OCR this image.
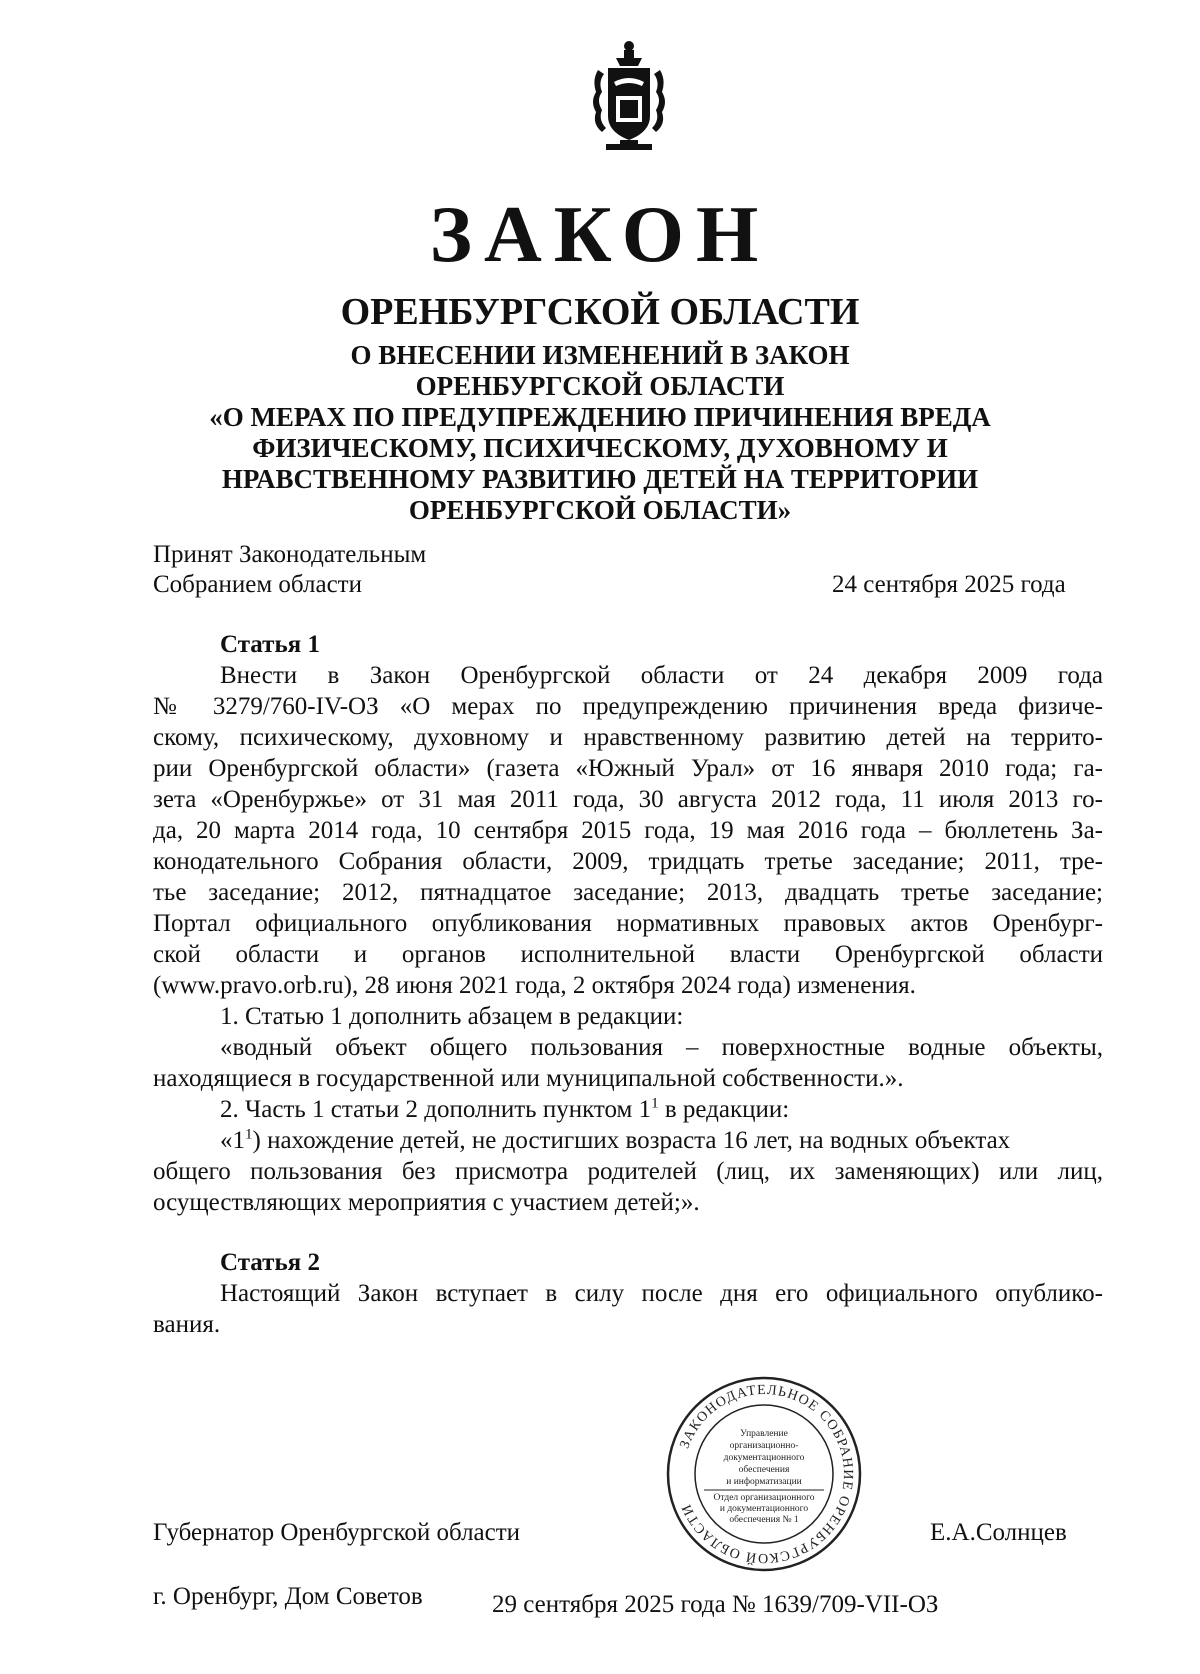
ЗАКОН
ОРЕНБУРГСКОЙ ОБЛАСТИ
О ВНЕСЕНИИ ИЗМЕНЕНИЙ В ЗАКОН
ОРЕНБУРГСКОЙ ОБЛАСТИ
«О МЕРАХ ПО ПРЕДУПРЕЖДЕНИЮ ПРИЧИНЕНИЯ ВРЕДА
ФИЗИЧЕСКОМУ, ПСИХИЧЕСКОМУ, ДУХОВНОМУ И
НРАВСТВЕННОМУ РАЗВИТИЮ ДЕТЕЙ НА ТЕРРИТОРИИ
ОРЕНБУРГСКОЙ ОБЛАСТИ»
Принят Законодательным
Собранием области	24 сентября 2025 года
Статья 1
Внести в Закон Оренбургской области от 24 декабря 2009 года
№ 3279/760-IV-ОЗ «О мерах по предупреждению причинения вреда физиче-
скому, психическому, духовному и нравственному развитию детей на террито-
рии Оренбургской области» (газета «Южный Урал» от 16 января 2010 года; га-
зета «Оренбуржье» от 31 мая 2011 года, 30 августа 2012 года, 11 июля 2013 го-
да, 20 марта 2014 года, 10 сентября 2015 года, 19 мая 2016 года – бюллетень За-
конодательного Собрания области, 2009, тридцать третье заседание; 2011, тре-
тье заседание; 2012, пятнадцатое заседание; 2013, двадцать третье заседание;
Портал официального опубликования нормативных правовых актов Оренбург-
ской области и органов исполнительной власти Оренбургской области
(www.pravo.orb.ru), 28 июня 2021 года, 2 октября 2024 года) изменения.
1. Статью 1 дополнить абзацем в редакции:
«водный объект общего пользования – поверхностные водные объекты,
находящиеся в государственной или муниципальной собственности.».
2. Часть 1 статьи 2 дополнить пунктом $1^1$ в редакции:
«$1^1$) нахождение детей, не достигших возраста 16 лет, на водных объектах
общего пользования без присмотра родителей (лиц, их заменяющих) или лиц,
осуществляющих мероприятия с участием детей;».
Статья 2
Настоящий Закон вступает в силу после дня его официального опублико-
вания.
ЗАКОНОДАТЕЛЬНОЕ СОБРАНИЕ ОРЕНБУРГСКОЙ ОБЛАСТИ
Управление
организационно-
документационного
обеспечения
и информатизации
Отдел организационного
и документационного
обеспечения № 1
Губернатор Оренбургской области	Е.А.Солнцев
г. Оренбург, Дом Советов	29 сентября 2025 года № 1639/709-VII-ОЗ
